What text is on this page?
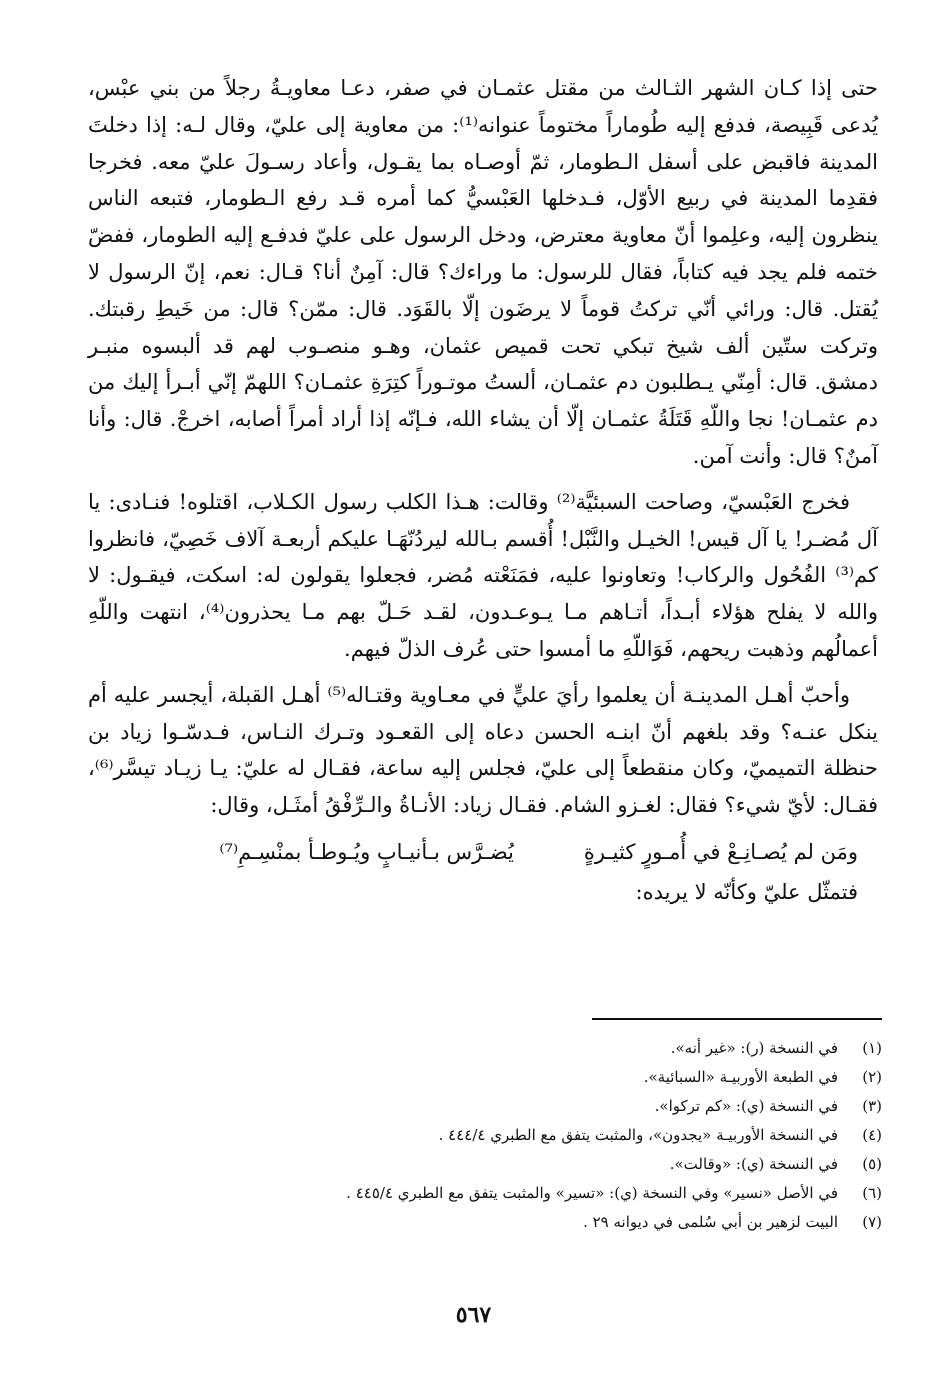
حتى إذا كـان الشهر الثـالث من مقتل عثمـان في صفر، دعـا معاويـةُ رجلاً من بني عبْس، يُدعى قَبِيصة، فدفع إليه طُوماراً مختوماً عنوانه⁽¹⁾: من معاوية إلى عليّ، وقال لـه: إذا دخلتَ المدينة فاقبض على أسفل الـطومار، ثمّ أوصـاه بما يقـول، وأعاد رسـولَ عليّ معه. فخرجا فقدِما المدينة في ربيع الأوّل، فـدخلها العَبْسيُّ كما أمره قـد رفع الـطومار، فتبعه الناس ينظرون إليه، وعلِموا أنّ معاوية معترض، ودخل الرسول على عليّ فدفـع إليه الطومار، ففضّ ختمه فلم يجد فيه كتاباً، فقال للرسول: ما وراءك؟ قال: آمِنٌ أنا؟ قـال: نعم، إنّ الرسول لا يُقتل. قال: ورائي أنّي تركتُ قوماً لا يرضَون إلّا بالقَوَد. قال: ممّن؟ قال: من خَيطِ رقبتك. وتركت ستّين ألف شيخ تبكي تحت قميص عثمان، وهـو منصـوب لهم قد ألبسوه منبـر دمشق. قال: أمِنّي يـطلبون دم عثمـان، ألستُ موتـوراً كتِرَةِ عثمـان؟ اللهمّ إنّي أبـرأ إليك من دم عثمـان! نجا واللّهِ قَتَلَةُ عثمـان إلّا أن يشاء الله، فـإنّه إذا أراد أمراً أصابه، اخرجْ. قال: وأنا آمنٌ؟ قال: وأنت آمن.

فخرج العَبْسيّ، وصاحت السبئيَّة⁽²⁾ وقالت: هـذا الكلب رسول الكـلاب، اقتلوه! فنـادى: يا آل مُضـر! يا آل قيس! الخيـل والنَّبْل! أُقسم بـالله ليردُنّهَـا عليكم أربعـة آلاف خَصِيّ، فانظروا كم⁽³⁾ الفُحُول والركاب! وتعاونوا عليه، فمَنَعْته مُضر، فجعلوا يقولون له: اسكت، فيقـول: لا والله لا يفلح هؤلاء أبـداً، أتـاهم مـا يـوعـدون، لقـد حَـلّ بهم مـا يحذرون⁽⁴⁾، انتهت واللّهِ أعمالُهم وذهبت ريحهم، فَوَاللّهِ ما أمسوا حتى عُرف الذلّ فيهم.

وأحبّ أهـل المدينـة أن يعلموا رأيَ عليٍّ في معـاوية وقتـاله⁽⁵⁾ أهـل القبلة، أيجسر عليه أم ينكل عنـه؟ وقد بلغهم أنّ ابنـه الحسن دعاه إلى القعـود وتـرك النـاس، فـدسّـوا زياد بن حنظلة التميميّ، وكان منقطعاً إلى عليّ، فجلس إليه ساعة، فقـال له عليّ: يـا زيـاد تيسَّر⁽⁶⁾، فقـال: لأيّ شيء؟ فقال: لغـزو الشام. فقـال زياد: الأنـاةُ والـرِّفْقُ أمثَـل، وقال:

ومَن لم يُصـانِـعْ في أُمـورٍ كثيـرةٍ
يُضـرَّس بـأنيـابٍ ويُـوطـأ بمنْسِـمِ⁽⁷⁾

فتمثّل عليّ وكأنّه لا يريده:

(١)
في النسخة (ر): «غير أنه».
(٢)
في الطبعة الأوربيـة «السبائية».
(٣)
في النسخة (ي): «كم تركوا».
(٤)
في النسخة الأوربيـة «يجدون»، والمثبت يتفق مع الطبري ٤٤٤/٤ .
(٥)
في النسخة (ي): «وقالت».
(٦)
في الأصل «نسير» وفي النسخة (ي): «تسير» والمثبت يتفق مع الطبري ٤٤٥/٤ .
(٧)
البيت لزهير بن أبي سُلمى في ديوانه ٢٩ .
٥٦٧
